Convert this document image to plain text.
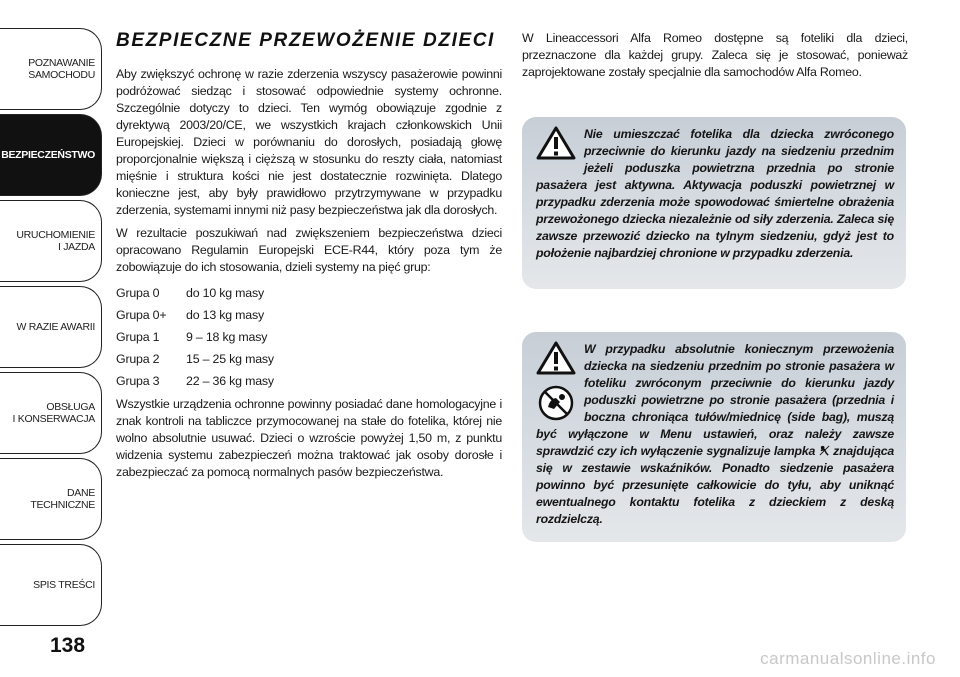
POZNAWANIE
SAMOCHODU
BEZPIECZEŃSTWO
URUCHOMIENIE
I JAZDA
W RAZIE AWARII
OBSŁUGA
I KONSERWACJA
DANE
TECHNICZNE
SPIS TREŚCI
138
BEZPIECZNE PRZEWOŻENIE DZIECI

Aby zwiększyć ochronę w razie zderzenia wszyscy pasażerowie powinni podróżować siedząc i stosować odpowiednie systemy ochronne. Szczególnie dotyczy to dzieci. Ten wymóg obowiązuje zgodnie z dyrektywą 2003/20/CE, we wszystkich krajach członkowskich Unii Europejskiej. Dzieci w porównaniu do dorosłych, posiadają głowę proporcjonalnie większą i cięższą w stosunku do reszty ciała, natomiast mięśnie i struktura kości nie jest dostatecznie rozwinięta. Dlatego konieczne jest, aby były prawidłowo przytrzymywane w przypadku zderzenia, systemami innymi niż pasy bezpieczeństwa jak dla dorosłych.

W rezultacie poszukiwań nad zwiększeniem bezpieczeństwa dzieci opracowano Regulamin Europejski ECE-R44, który poza tym że zobowiązuje do ich stosowania, dzieli systemy na pięć grup:

Grupa 0	do 10 kg masy
Grupa 0+	do 13 kg masy
Grupa 1	9 – 18 kg masy
Grupa 2	15 – 25 kg masy
Grupa 3	22 – 36 kg masy

Wszystkie urządzenia ochronne powinny posiadać dane homologacyjne i znak kontroli na tabliczce przymocowanej na stałe do fotelika, której nie wolno absolutnie usuwać. Dzieci o wzroście powyżej 1,50 m, z punktu widzenia systemu zabezpieczeń można traktować jak osoby dorosłe i zabezpieczać za pomocą normalnych pasów bezpieczeństwa.

W Lineaccessori Alfa Romeo dostępne są foteliki dla dzieci, przeznaczone dla każdej grupy. Zaleca się je stosować, ponieważ zaprojektowane zostały specjalnie dla samochodów Alfa Romeo.

Nie umieszczać fotelika dla dziecka zwróconego przeciwnie do kierunku jazdy na siedzeniu przednim jeżeli poduszka powietrzna przednia po stronie pasażera jest aktywna. Aktywacja poduszki powietrznej w przypadku zderzenia może spowodować śmiertelne obrażenia przewożonego dziecka niezależnie od siły zderzenia. Zaleca się zawsze przewozić dziecko na tylnym siedzeniu, gdyż jest to położenie najbardziej chronione w przypadku zderzenia.
W przypadku absolutnie koniecznym przewożenia dziecka na siedzeniu przednim po stronie pasażera w foteliku zwróconym przeciwnie do kierunku jazdy poduszki powietrzne po stronie pasażera (przednia i boczna chroniąca tułów/miednicę (side bag), muszą być wyłączone w Menu ustawień, oraz należy zawsze sprawdzić czy ich wyłączenie sygnalizuje lampka znajdująca się w zestawie wskaźników. Ponadto siedzenie pasażera powinno być przesunięte całkowicie do tyłu, aby uniknąć ewentualnego kontaktu fotelika z dzieckiem z deską rozdzielczą.
carmanualsonline.info
